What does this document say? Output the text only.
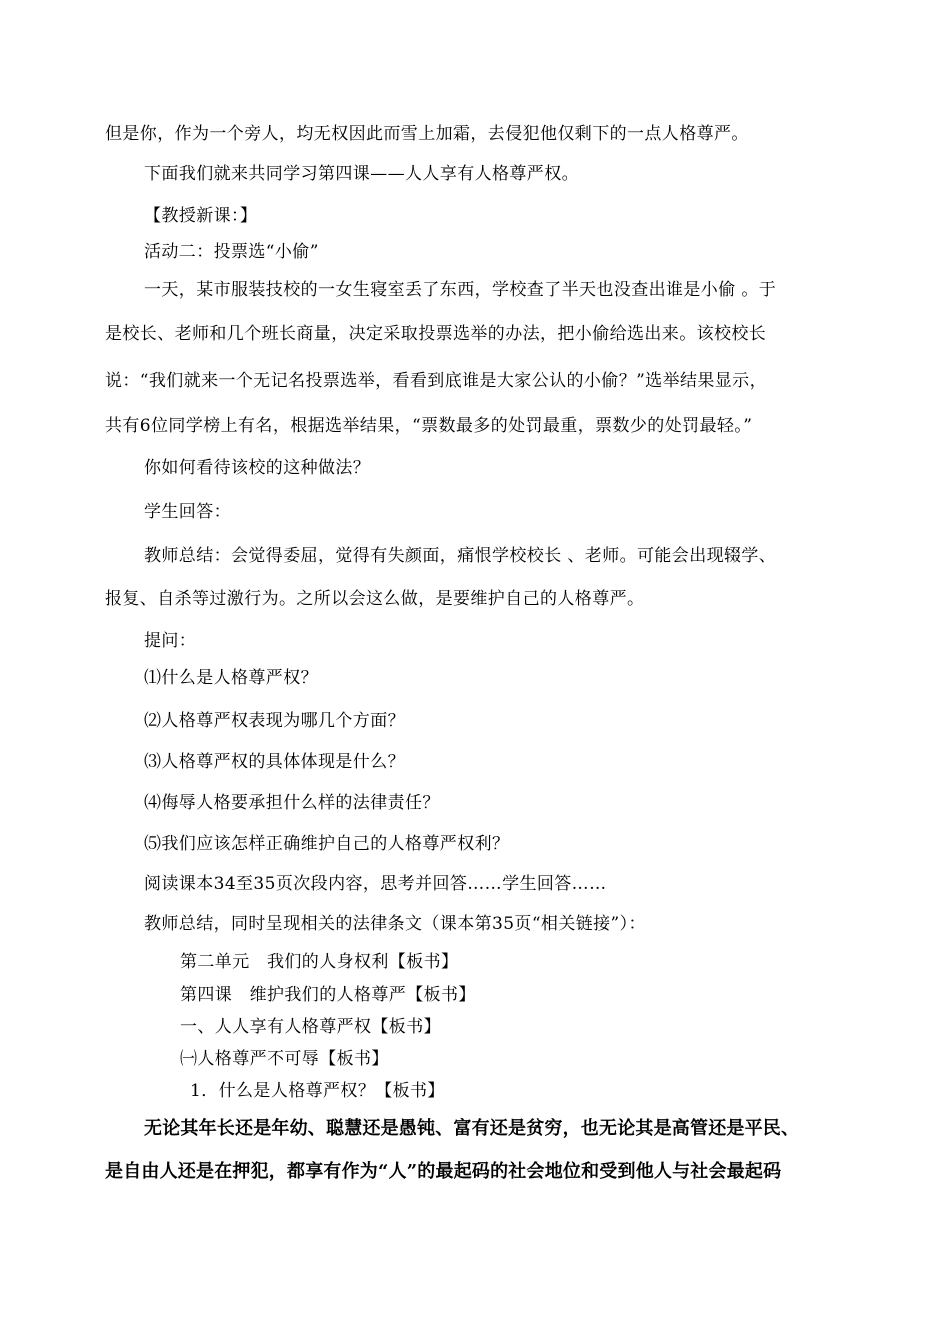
但是你，作为一个旁人，均无权因此而雪上加霜，去侵犯他仅剩下的一点人格尊严。
下面我们就来共同学习第四课——人人享有人格尊严权。
【教授新课：】
活动二：投票选“小偷”
一天，某市服装技校的一女生寝室丢了东西，学校查了半天也没查出谁是小偷 。于
是校长、老师和几个班长商量，决定采取投票选举的办法，把小偷给选出来。该校校长
说：“我们就来一个无记名投票选举，看看到底谁是大家公认的小偷？”选举结果显示，
共有6位同学榜上有名，根据选举结果，“票数最多的处罚最重，票数少的处罚最轻。”
你如何看待该校的这种做法？
学生回答：
教师总结：会觉得委屈，觉得有失颜面，痛恨学校校长 、老师。可能会出现辍学、
报复、自杀等过激行为。之所以会这么做，是要维护自己的人格尊严。
提问：
⑴什么是人格尊严权？
⑵人格尊严权表现为哪几个方面？
⑶人格尊严权的具体体现是什么？
⑷侮辱人格要承担什么样的法律责任？
⑸我们应该怎样正确维护自己的人格尊严权利？
阅读课本34至35页次段内容，思考并回答……学生回答……
教师总结，同时呈现相关的法律条文（课本第35页“相关链接”）：
第二单元　我们的人身权利【板书】
第四课　维护我们的人格尊严【板书】
一、人人享有人格尊严权【板书】
㈠人格尊严不可辱【板书】
1．什么是人格尊严权？【板书】
无论其年长还是年幼、聪慧还是愚钝、富有还是贫穷，也无论其是高管还是平民、
是自由人还是在押犯，都享有作为“人”的最起码的社会地位和受到他人与社会最起码
